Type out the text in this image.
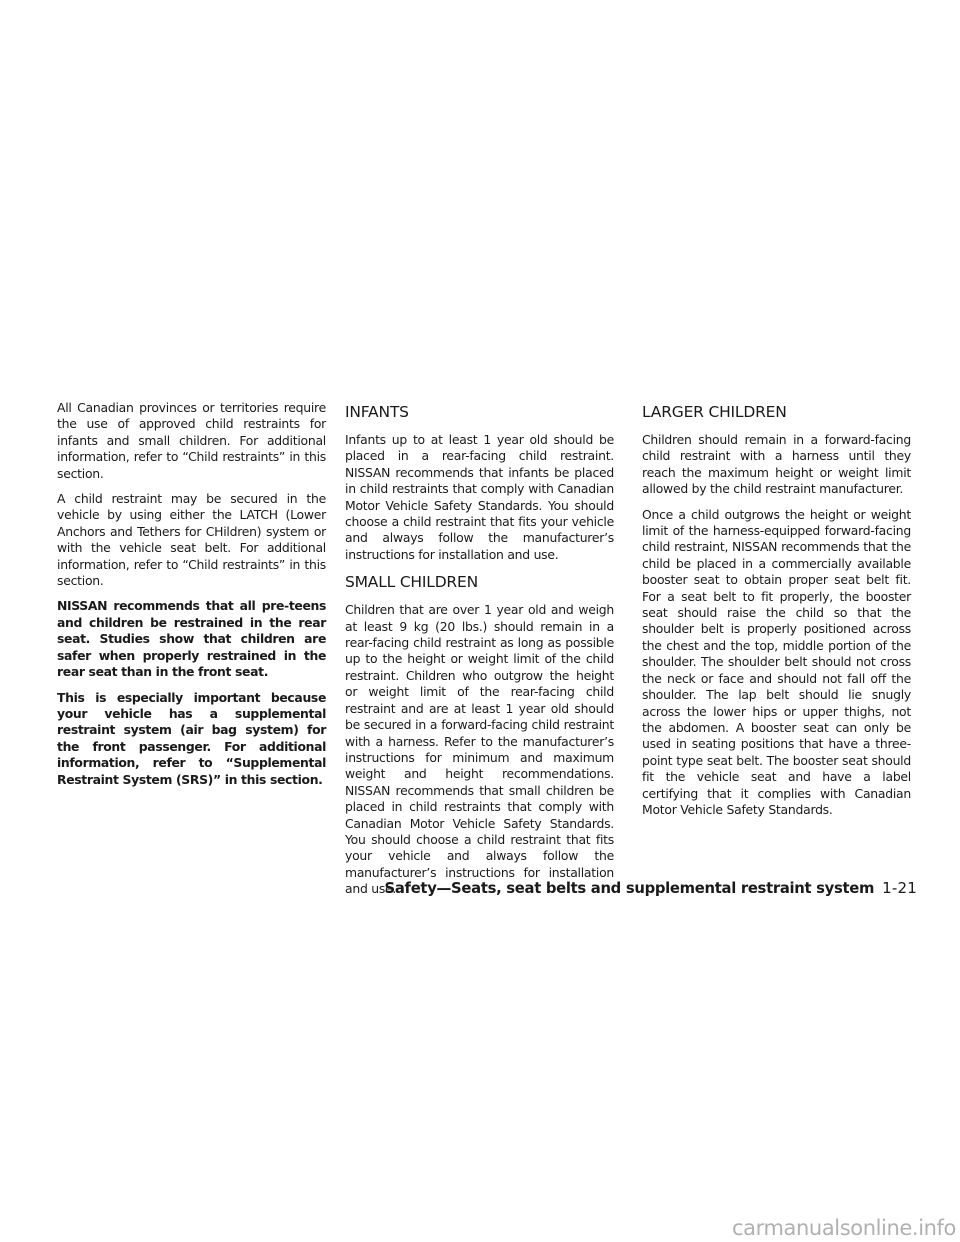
All Canadian provinces or territories require the use of approved child restraints for infants and small children. For additional information, refer to “Child restraints” in this section.

A child restraint may be secured in the vehicle by using either the LATCH (Lower Anchors and Tethers for CHildren) system or with the vehicle seat belt. For additional information, refer to “Child restraints” in this section.

NISSAN recommends that all pre-teens and children be restrained in the rear seat. Studies show that children are safer when properly restrained in the rear seat than in the front seat.

This is especially important because your vehicle has a supplemental restraint system (air bag system) for the front passenger. For additional information, refer to “Supplemental Restraint System (SRS)” in this section.

INFANTS

Infants up to at least 1 year old should be placed in a rear-facing child restraint. NISSAN recommends that infants be placed in child restraints that comply with Canadian Motor Vehicle Safety Standards. You should choose a child restraint that fits your vehicle and always follow the manufacturer’s instructions for installation and use.

SMALL CHILDREN

Children that are over 1 year old and weigh at least 9 kg (20 lbs.) should remain in a rear-facing child restraint as long as possible up to the height or weight limit of the child restraint. Children who outgrow the height or weight limit of the rear-facing child restraint and are at least 1 year old should be secured in a forward-facing child restraint with a harness. Refer to the manufacturer’s instructions for minimum and maximum weight and height recommendations. NISSAN recommends that small children be placed in child restraints that comply with Canadian Motor Vehicle Safety Standards. You should choose a child restraint that fits your vehicle and always follow the manufacturer’s instructions for installation and use.

LARGER CHILDREN

Children should remain in a forward-facing child restraint with a harness until they reach the maximum height or weight limit allowed by the child restraint manufacturer.

Once a child outgrows the height or weight limit of the harness-equipped forward-facing child restraint, NISSAN recommends that the child be placed in a commercially available booster seat to obtain proper seat belt fit. For a seat belt to fit properly, the booster seat should raise the child so that the shoulder belt is properly positioned across the chest and the top, middle portion of the shoulder. The shoulder belt should not cross the neck or face and should not fall off the shoulder. The lap belt should lie snugly across the lower hips or upper thighs, not the abdomen. A booster seat can only be used in seating positions that have a three-point type seat belt. The booster seat should fit the vehicle seat and have a label certifying that it complies with Canadian Motor Vehicle Safety Standards.

Safety—Seats, seat belts and supplemental restraint system 1-21
carmanualsonline.info
